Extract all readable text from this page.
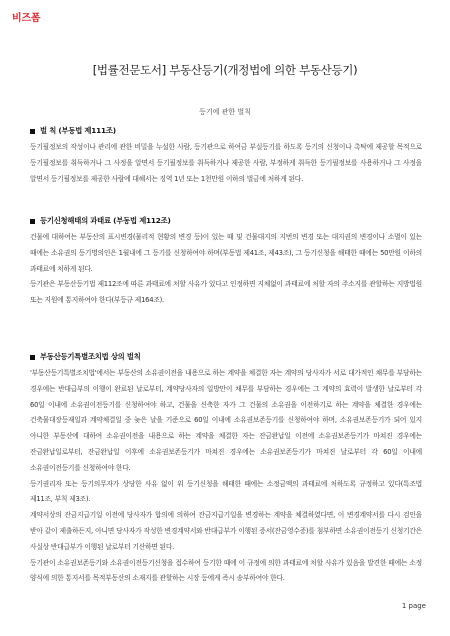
비즈폼
[법률전문도서] 부동산등기(개정법에 의한 부동산등기)
등기에 관한 벌칙
벌 칙 (부동법 제111조)

등기필정보의 작성이나 관리에 관한 비밀을 누설한 사람, 등기관으로 하여금 부실등기를 하도록 등기의 신청이나 촉탁에 제공할 목적으로 등기필정보를 취득하거나 그 사정을 알면서 등기필정보를 취득하거나 제공한 사람, 부정하게 취득한 등기필정보를 사용하거나 그 사정을 알면서 등기필정보를 제공한 사람에 대해서는 징역 1년 또는 1천만원 이하의 벌금에 처하게 된다.

등기신청해태의 과태료 (부동법 제112조)

건물에 대하여는 부동산의 표시변경(물리적 현황의 변경 등)이 있는 때 및 건물대지의 지번의 변경 또는 대지권의 변경이나 소멸이 있는 때에는 소유권의 등기명의인은 1월내에 그 등기를 신청하여야 하며(부동법 제41조, 제43조), 그 등기신청을 해태한 때에는 50만원 이하의 과태료에 처하게 된다.

등기관은 부동산등기법 제112조에 따른 과태료에 처할 사유가 있다고 인정하면 지체없이 과태료에 처할 자의 주소지를 관할하는 지방법원 또는 지원에 통지하여야 한다(부등규 제164조).

부동산등기특별조치법 상의 벌칙

'부동산등기특별조치법'에서는 부동산의 소유권이전을 내용으로 하는 계약을 체결한 자는 계약의 당사자가 서로 대가적인 채무를 부담하는 경우에는 반대급부의 이행이 완료된 날로부터, 계약당사자의 일방만이 채무를 부담하는 경우에는 그 계약의 효력이 발생한 날로부터 각 60일 이내에 소유권이전등기를 신청하여야 하고, 건물을 신축한 자가 그 건물의 소유권을 이전하기로 하는 계약을 체결한 경우에는 건축물대장등재일과 계약체결일 중 늦은 날을 기준으로 60일 이내에 소유권보존등기를 신청하여야 하며, 소유권보존등기가 되어 있지 아니한 부동산에 대하여 소유권이전을 내용으로 하는 계약을 체결한 자는 잔금완납일 이전에 소유권보존등기가 마쳐진 경우에는 잔금완납일로부터, 잔금완납일 이후에 소유권보존등기가 마쳐진 경우에는 소유권보존등기가 마쳐진 날로부터 각 60일 이내에 소유권이전등기를 신청하여야 한다.

등기권리자 또는 등기의무자가 상당한 사유 없이 위 등기신청을 해태한 때에는 소정금액의 과태료에 처하도록 규정하고 있다(특조법 제11조, 부칙 제3조).

계약서상의 잔금지급기일 이전에 당사자가 합의에 의하여 잔금지급기일을 변경하는 계약을 체결하였다면, 이 변경계약서를 다시 검인을 받아 같이 제출하든지, 아니면 당사자가 작성한 변경계약서와 반대급부가 이행된 증서(잔금영수증)를 첨부하면 소유권이전등기 신청기간은 사실상 반대급부가 이행된 날로부터 기산하면 된다.

등기관이 소유권보존등기와 소유권이전등기신청을 접수하여 등기한 때에 이 규정에 의한 과태료에 처할 사유가 있음을 발견한 때에는 소정 양식에 의한 통지서를 목적부동산의 소재지를 관할하는 시장 등에게 즉시 송부하여야 한다.

1 page
